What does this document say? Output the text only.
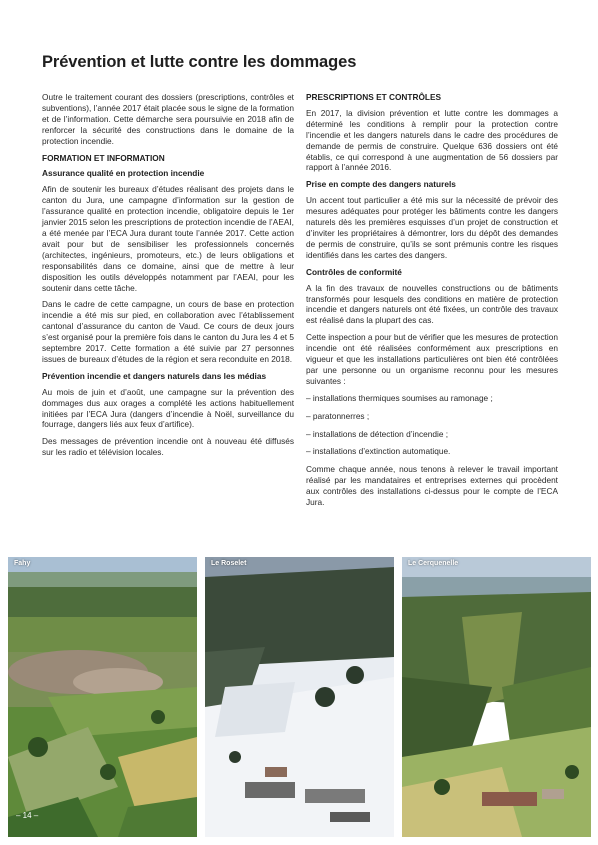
Prévention et lutte contre les dommages

Outre le traitement courant des dossiers (prescriptions, contrôles et subventions), l’année 2017 était placée sous le signe de la formation et de l’information. Cette démarche sera poursuivie en 2018 afin de renforcer la sécurité des constructions dans le domaine de la protection incendie.

FORMATION ET INFORMATION
Assurance qualité en protection incendie

Afin de soutenir les bureaux d’études réalisant des projets dans le canton du Jura, une campagne d’information sur la gestion de l’assurance qualité en protection incendie, obligatoire depuis le 1er janvier 2015 selon les prescriptions de protection incendie de l’AEAI, a été menée par l’ECA Jura durant toute l’année 2017. Cette action avait pour but de sensibiliser les professionnels concernés (architectes, ingénieurs, promoteurs, etc.) de leurs obligations et responsabilités dans ce domaine, ainsi que de mettre à leur disposition les outils développés notamment par l’AEAI, pour les soutenir dans cette tâche.

Dans le cadre de cette campagne, un cours de base en protection incendie a été mis sur pied, en collaboration avec l’établissement cantonal d’assurance du canton de Vaud. Ce cours de deux jours s’est organisé pour la première fois dans le canton du Jura les 4 et 5 septembre 2017. Cette formation a été suivie par 27 personnes issues de bureaux d’études de la région et sera reconduite en 2018.

Prévention incendie et dangers naturels dans les médias

Au mois de juin et d’août, une campagne sur la prévention des dommages dus aux orages a complété les actions habituellement initiées par l’ECA Jura (dangers d’incendie à Noël, surveillance du fourrage, dangers liés aux feux d’artifice).

Des messages de prévention incendie ont à nouveau été diffusés sur les radio et télévision locales.

PRESCRIPTIONS ET CONTRÔLES

En 2017, la division prévention et lutte contre les dommages a déterminé les conditions à remplir pour la protection contre l’incendie et les dangers naturels dans le cadre des procédures de demande de permis de construire. Quelque 636 dossiers ont été établis, ce qui correspond à une augmentation de 56 dossiers par rapport à l’année 2016.

Prise en compte des dangers naturels

Un accent tout particulier a été mis sur la nécessité de prévoir des mesures adéquates pour protéger les bâtiments contre les dangers naturels dès les premières esquisses d’un projet de construction et d’inviter les propriétaires à démontrer, lors du dépôt des demandes de permis de construire, qu’ils se sont prémunis contre les risques identifiés dans les cartes des dangers.

Contrôles de conformité

A la fin des travaux de nouvelles constructions ou de bâtiments transformés pour lesquels des conditions en matière de protection incendie et dangers naturels ont été fixées, un contrôle des travaux est réalisé dans la plupart des cas.

Cette inspection a pour but de vérifier que les mesures de protection incendie ont été réalisées conformément aux prescriptions en vigueur et que les installations particulières ont bien été contrôlées par une personne ou un organisme reconnu pour les mesures suivantes :

– installations thermiques soumises au ramonage ;
– paratonnerres ;
– installations de détection d’incendie ;
– installations d’extinction automatique.

Comme chaque année, nous tenons à relever le travail important réalisé par les mandataires et entreprises externes qui procèdent aux contrôles des installations ci-dessus pour le compte de l’ECA Jura.

Fahy
– 14 –
Le Roselet	Le Cerquenelle
